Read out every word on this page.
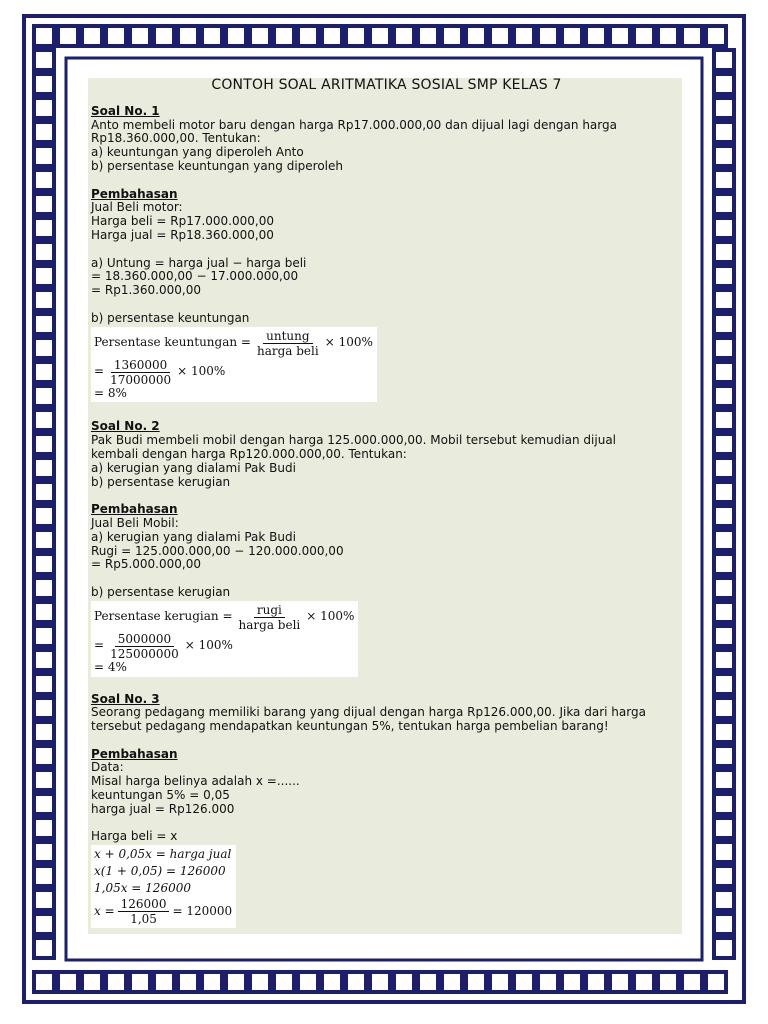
CONTOH SOAL ARITMATIKA SOSIAL SMP KELAS 7
Soal No. 1
Anto membeli motor baru dengan harga Rp17.000.000,00 dan dijual lagi dengan harga
Rp18.360.000,00. Tentukan:
a) keuntungan yang diperoleh Anto
b) persentase keuntungan yang diperoleh
Pembahasan
Jual Beli motor:
Harga beli = Rp17.000.000,00
Harga jual = Rp18.360.000,00
a) Untung = harga jual − harga beli
= 18.360.000,00 − 17.000.000,00
= Rp1.360.000,00
b) persentase keuntungan
Persentase keuntungan = $\frac{\text{untung}}{\text{harga beli}} \times 100\%$
= $\frac{1360000}{17000000} \times 100\%$
= 8%
Soal No. 2
Pak Budi membeli mobil dengan harga 125.000.000,00. Mobil tersebut kemudian dijual
kembali dengan harga Rp120.000.000,00. Tentukan:
a) kerugian yang dialami Pak Budi
b) persentase kerugian
Pembahasan
Jual Beli Mobil:
a) kerugian yang dialami Pak Budi
Rugi = 125.000.000,00 − 120.000.000,00
= Rp5.000.000,00
b) persentase kerugian
Persentase kerugian = $\frac{\text{rugi}}{\text{harga beli}} \times 100\%$
= $\frac{5000000}{125000000} \times 100\%$
= 4%
Soal No. 3
Seorang pedagang memiliki barang yang dijual dengan harga Rp126.000,00. Jika dari harga
tersebut pedagang mendapatkan keuntungan 5%, tentukan harga pembelian barang!
Pembahasan
Data:
Misal harga belinya adalah x =......
keuntungan 5% = 0,05
harga jual = Rp126.000
Harga beli = x
x + 0,05x = harga jual
x(1 + 0,05) = 126000
1,05x = 126000
$x = \frac{126000}{1,05} = 120000$
